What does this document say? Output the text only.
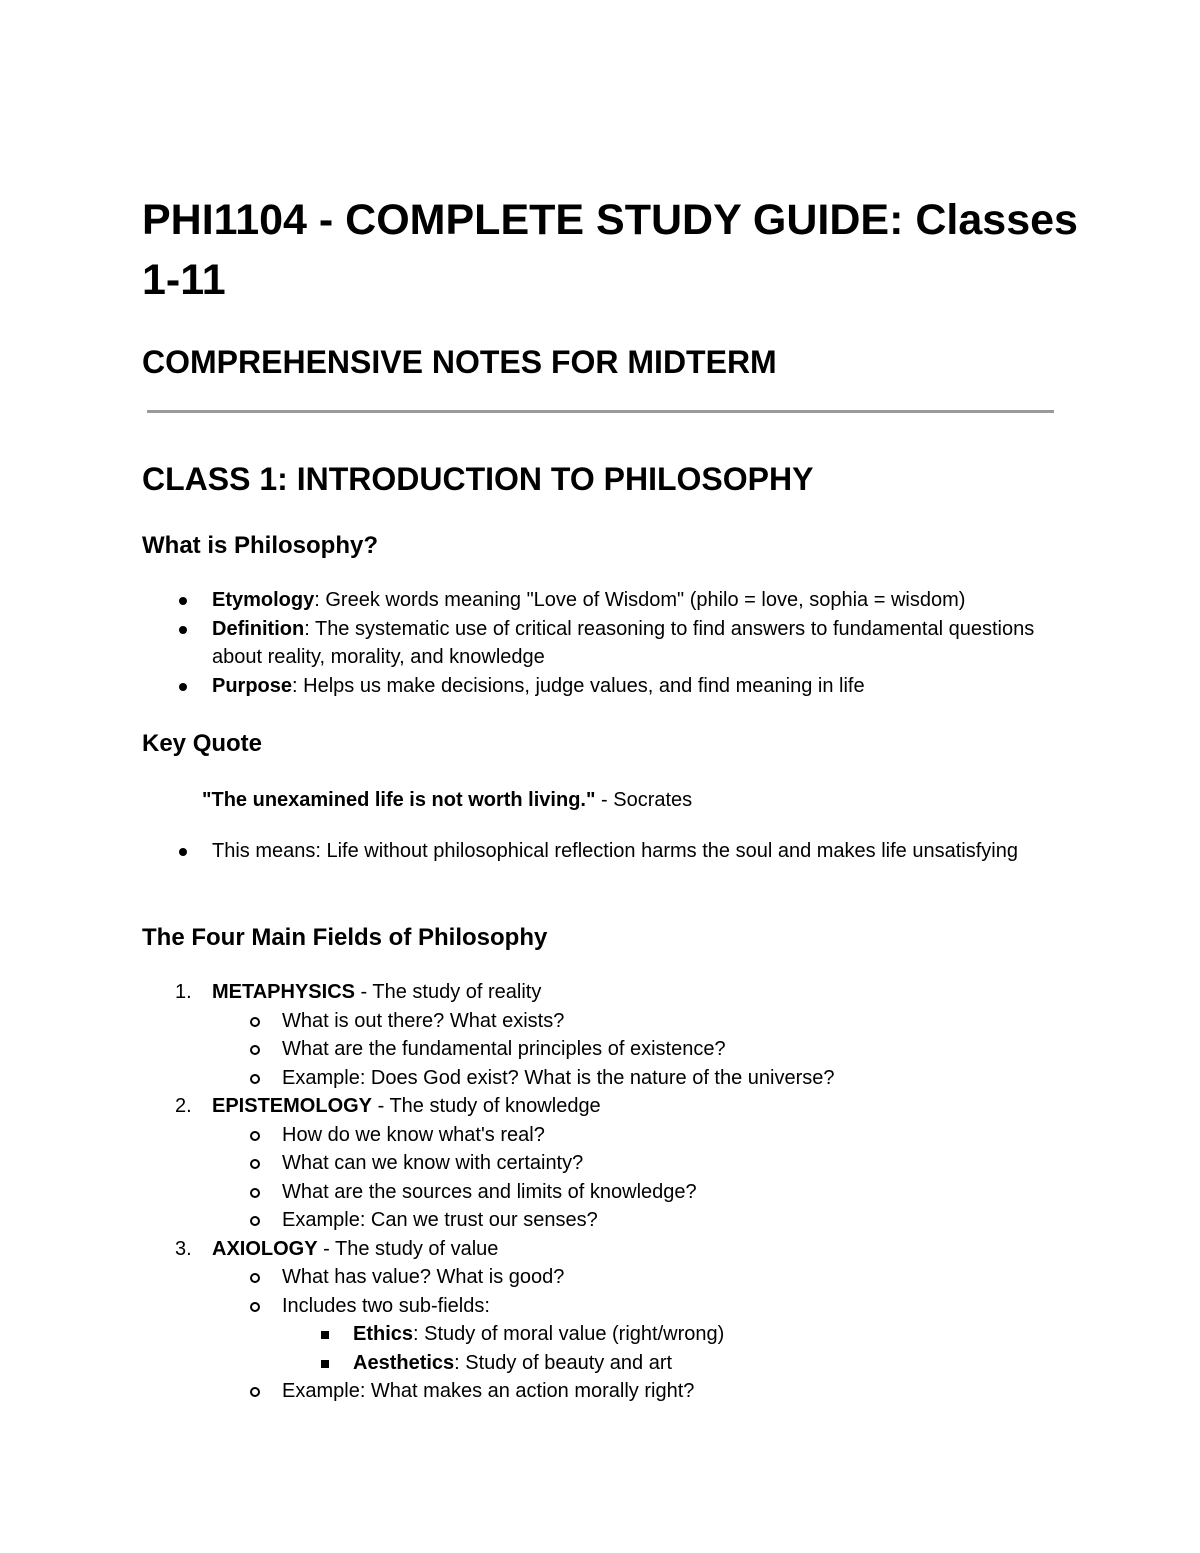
PHI1104 - COMPLETE STUDY GUIDE: Classes 1-11
COMPREHENSIVE NOTES FOR MIDTERM
CLASS 1: INTRODUCTION TO PHILOSOPHY
What is Philosophy?
Etymology: Greek words meaning "Love of Wisdom" (philo = love, sophia = wisdom)
Definition: The systematic use of critical reasoning to find answers to fundamental questions about reality, morality, and knowledge
Purpose: Helps us make decisions, judge values, and find meaning in life
Key Quote
"The unexamined life is not worth living." - Socrates
This means: Life without philosophical reflection harms the soul and makes life unsatisfying
The Four Main Fields of Philosophy
1. METAPHYSICS - The study of reality
What is out there? What exists?
What are the fundamental principles of existence?
Example: Does God exist? What is the nature of the universe?
2. EPISTEMOLOGY - The study of knowledge
How do we know what's real?
What can we know with certainty?
What are the sources and limits of knowledge?
Example: Can we trust our senses?
3. AXIOLOGY - The study of value
What has value? What is good?
Includes two sub-fields:
Ethics: Study of moral value (right/wrong)
Aesthetics: Study of beauty and art
Example: What makes an action morally right?
